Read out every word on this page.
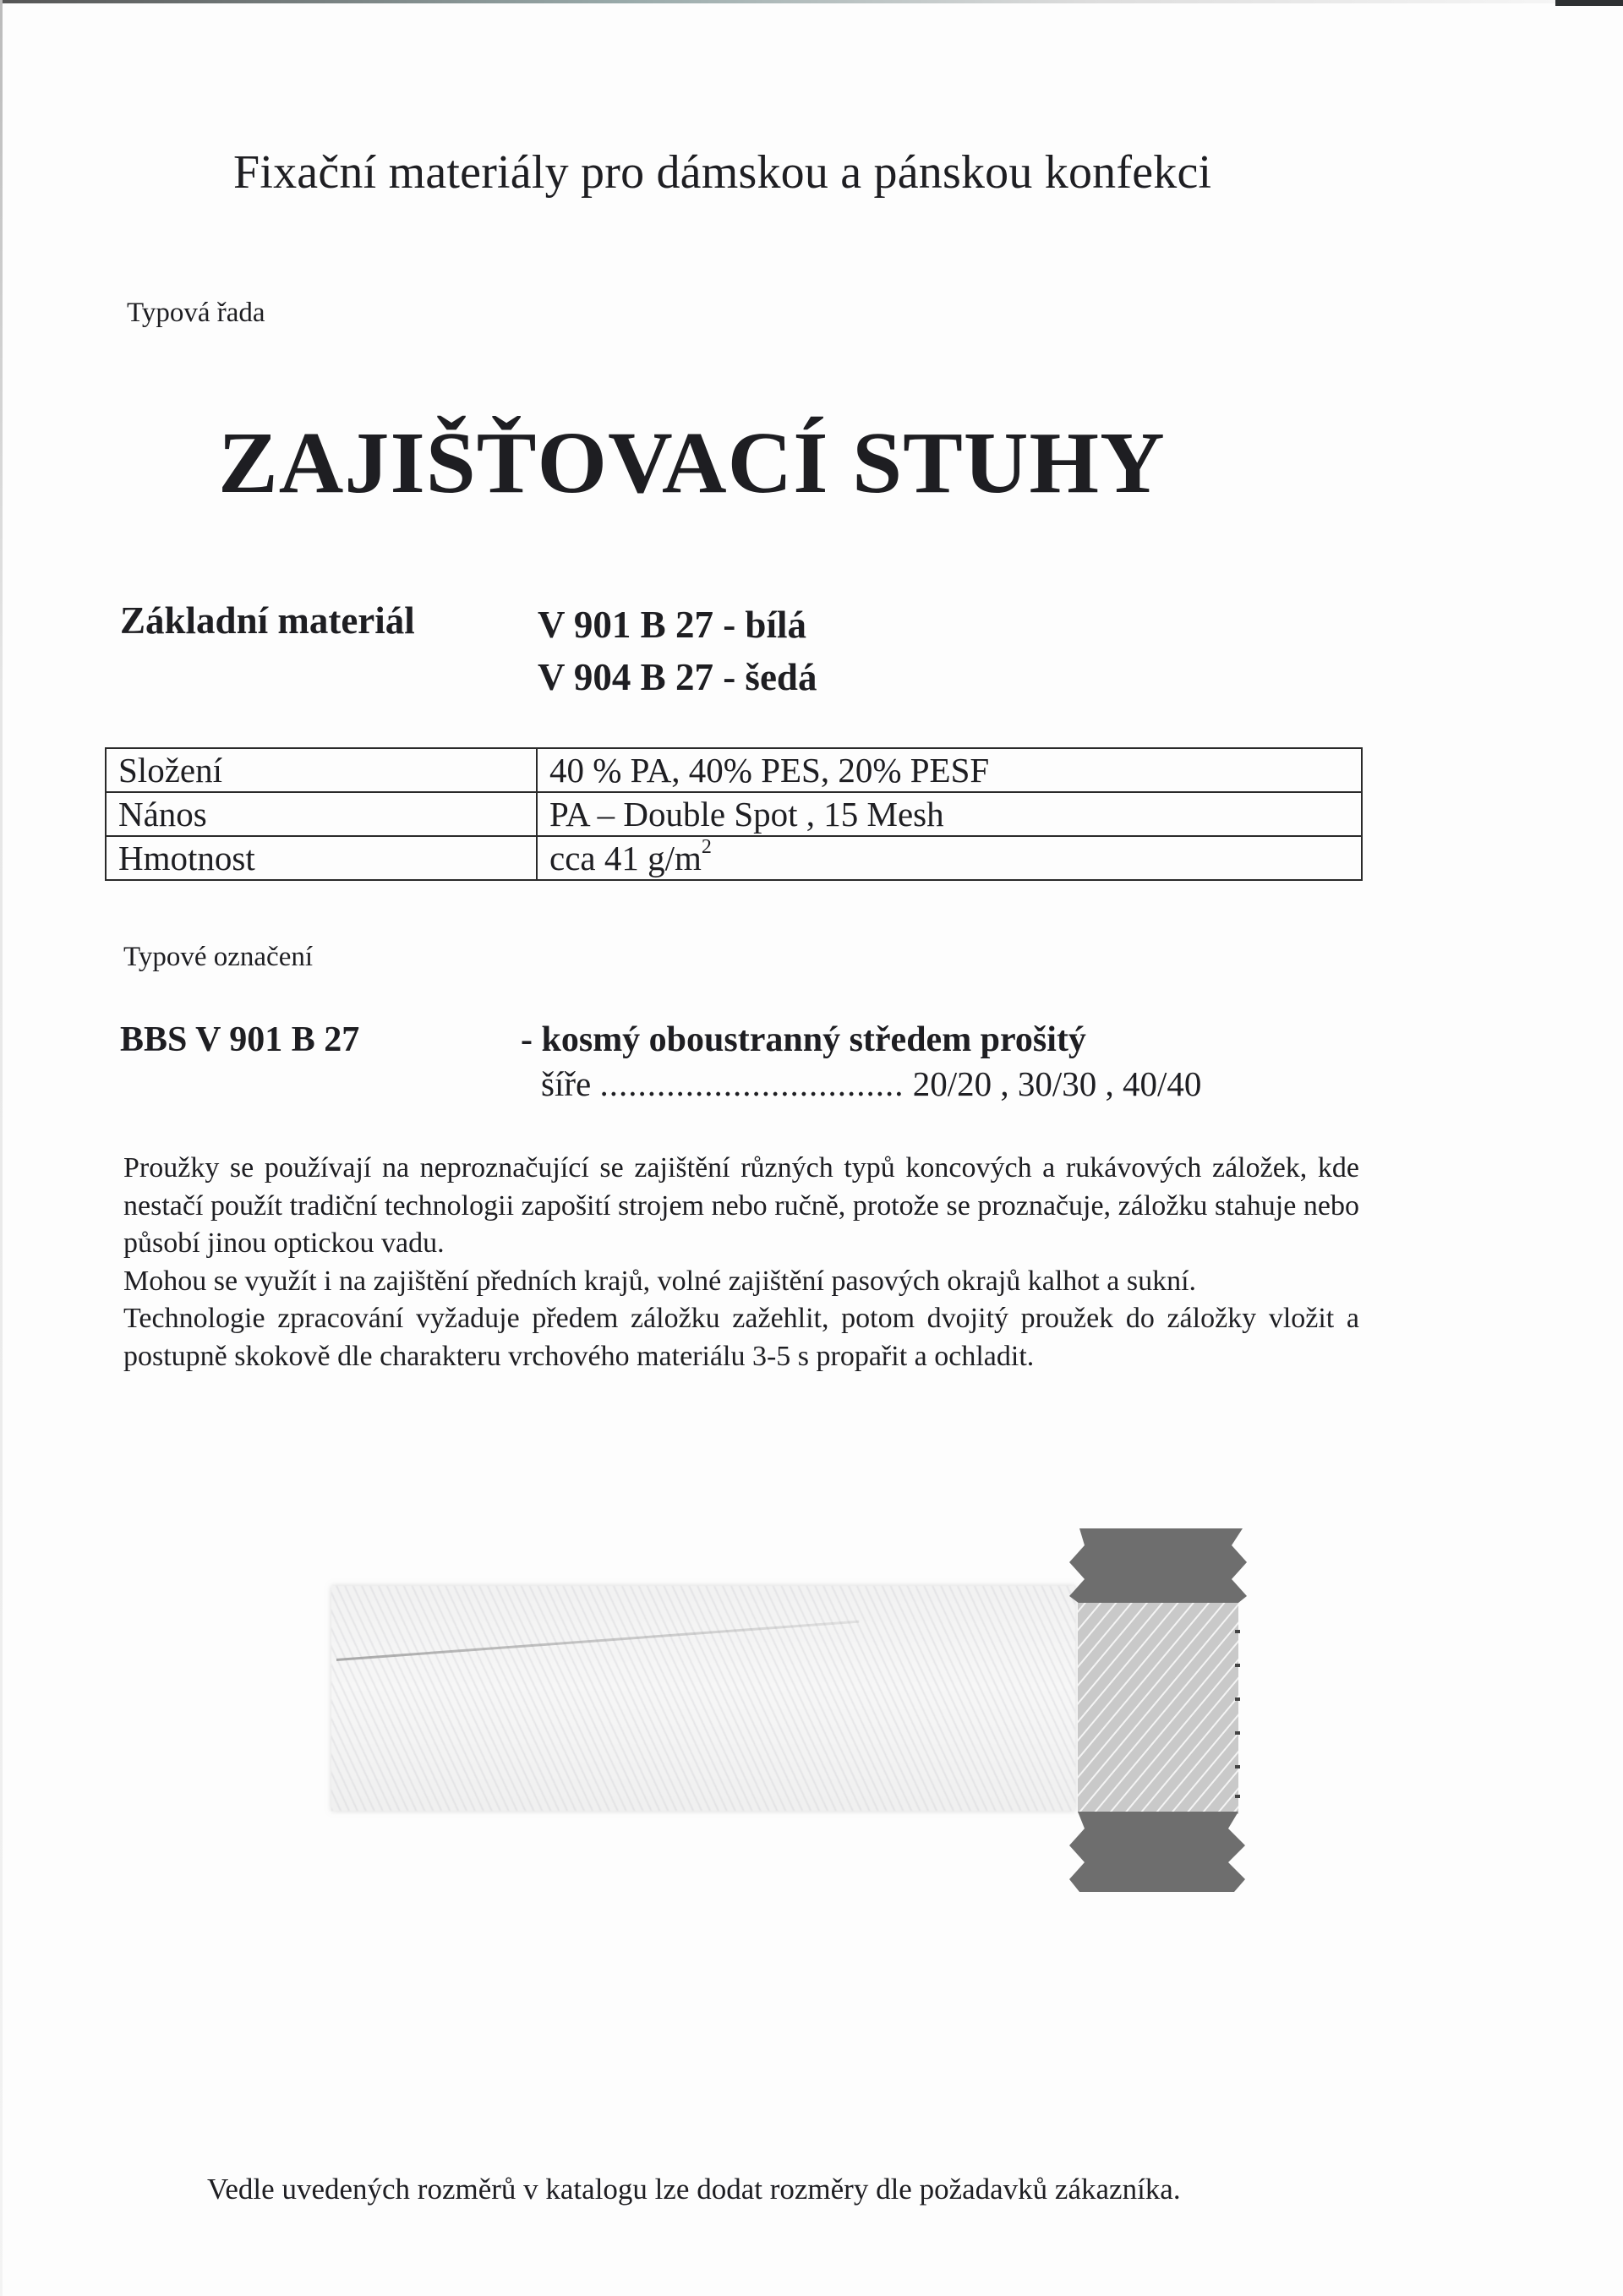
Fixační materiály pro dámskou a pánskou konfekci
Typová řada
ZAJIŠŤOVACÍ STUHY
Základní materiál	V 901 B 27 - bílá
V 904 B 27 - šedá
Složení	40 % PA, 40% PES, 20% PESF
Nános	PA – Double Spot , 15 Mesh
Hmotnost	cca 41 $g/m^2$
Typové označení
BBS V 901 B 27	- kosmý oboustranný středem prošitý
šíře ................................ 20/20 , 30/30 , 40/40

Proužky se používají na neproznačující se zajištění různých typů koncových a rukávových záložek, kde nestačí použít tradiční technologii zapošití strojem nebo ručně, protože se proznačuje, záložku stahuje nebo působí jinou optickou vadu.

Mohou se využít i na zajištění předních krajů, volné zajištění pasových okrajů kalhot a sukní.

Technologie zpracování vyžaduje předem záložku zažehlit, potom dvojitý proužek do záložky vložit a postupně skokově dle charakteru vrchového materiálu 3-5 s propařit a ochladit.

Vedle uvedených rozměrů v katalogu lze dodat rozměry dle požadavků zákazníka.
